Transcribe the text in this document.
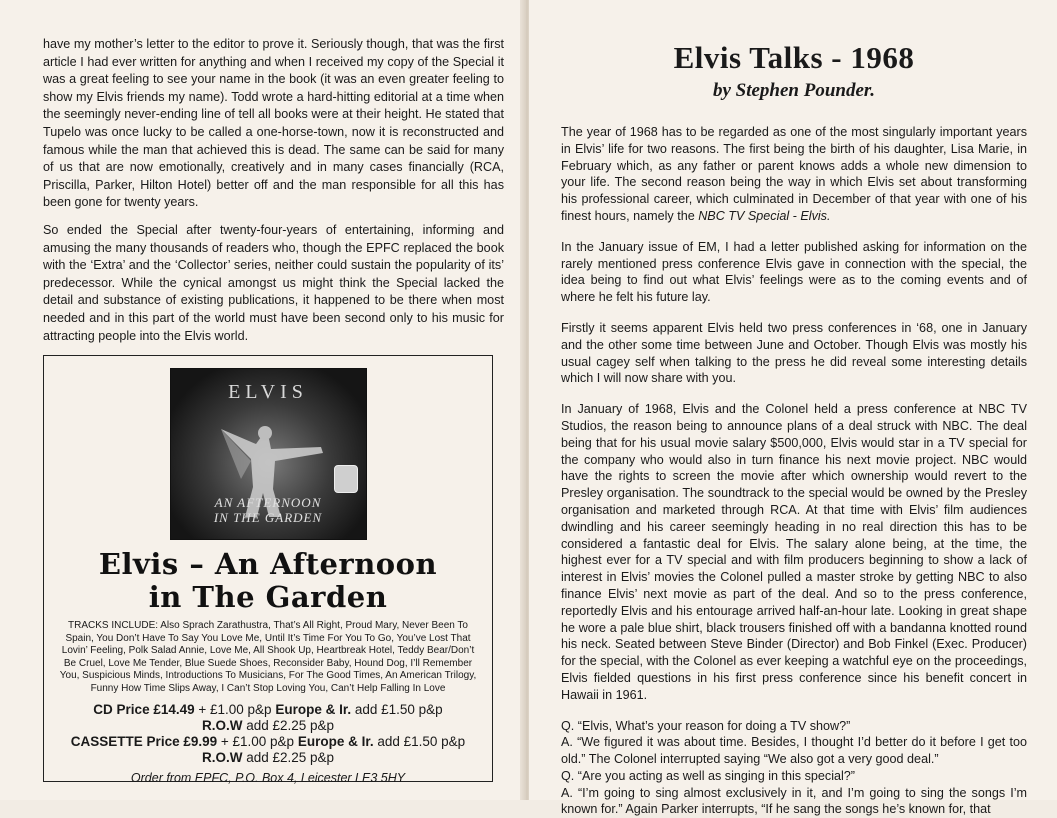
have my mother’s letter to the editor to prove it. Seriously though, that was the first article I had ever written for anything and when I received my copy of the Special it was a great feeling to see your name in the book (it was an even greater feeling to show my Elvis friends my name). Todd wrote a hard-hitting editorial at a time when the seemingly never-ending line of tell all books were at their height. He stated that Tupelo was once lucky to be called a one-horse-town, now it is reconstructed and famous while the man that achieved this is dead. The same can be said for many of us that are now emotionally, creatively and in many cases financially (RCA, Priscilla, Parker, Hilton Hotel) better off and the man responsible for all this has been gone for twenty years.

So ended the Special after twenty-four-years of entertaining, informing and amusing the many thousands of readers who, though the EPFC replaced the book with the ‘Extra’ and the ‘Collector’ series, neither could sustain the popularity of its’ predecessor. While the cynical amongst us might think the Special lacked the detail and substance of existing publications, it happened to be there when most needed and in this part of the world must have been second only to his music for attracting people into the Elvis world.

ELVIS
AN AFTERNOON
IN THE GARDEN
Elvis – An Afternoon
in The Garden
TRACKS INCLUDE: Also Sprach Zarathustra, That’s All Right, Proud Mary, Never Been To Spain, You Don’t Have To Say You Love Me, Until It’s Time For You To Go, You’ve Lost That Lovin’ Feeling, Polk Salad Annie, Love Me, All Shook Up, Heartbreak Hotel, Teddy Bear/Don’t Be Cruel, Love Me Tender, Blue Suede Shoes, Reconsider Baby, Hound Dog, I’ll Remember You, Suspicious Minds, Introductions To Musicians, For The Good Times, An American Trilogy, Funny How Time Slips Away, I Can’t Stop Loving You, Can’t Help Falling In Love
CD Price £14.49 + £1.00 p&p Europe & Ir. add £1.50 p&p
R.O.W add £2.25 p&p
CASSETTE Price £9.99 + £1.00 p&p Europe & Ir. add £1.50 p&p R.O.W add £2.25 p&p
Order from EPFC, P.O. Box 4, Leicester LE3 5HY
Elvis Talks - 1968
by Stephen Pounder.

The year of 1968 has to be regarded as one of the most singularly important years in Elvis’ life for two reasons. The first being the birth of his daughter, Lisa Marie, in February which, as any father or parent knows adds a whole new dimension to your life. The second reason being the way in which Elvis set about transforming his professional career, which culminated in December of that year with one of his finest hours, namely the NBC TV Special - Elvis.

In the January issue of EM, I had a letter published asking for information on the rarely mentioned press conference Elvis gave in connection with the special, the idea being to find out what Elvis’ feelings were as to the coming events and of where he felt his future lay.

Firstly it seems apparent Elvis held two press conferences in ‘68, one in January and the other some time between June and October. Though Elvis was mostly his usual cagey self when talking to the press he did reveal some interesting details which I will now share with you.

In January of 1968, Elvis and the Colonel held a press conference at NBC TV Studios, the reason being to announce plans of a deal struck with NBC. The deal being that for his usual movie salary $500,000, Elvis would star in a TV special for the company who would also in turn finance his next movie project. NBC would have the rights to screen the movie after which ownership would revert to the Presley organisation. The soundtrack to the special would be owned by the Presley organisation and marketed through RCA. At that time with Elvis’ film audiences dwindling and his career seemingly heading in no real direction this has to be considered a fantastic deal for Elvis. The salary alone being, at the time, the highest ever for a TV special and with film producers beginning to show a lack of interest in Elvis’ movies the Colonel pulled a master stroke by getting NBC to also finance Elvis’ next movie as part of the deal. And so to the press conference, reportedly Elvis and his entourage arrived half-an-hour late. Looking in great shape he wore a pale blue shirt, black trousers finished off with a bandanna knotted round his neck. Seated between Steve Binder (Director) and Bob Finkel (Exec. Producer) for the special, with the Colonel as ever keeping a watchful eye on the proceedings, Elvis fielded questions in his first press conference since his benefit concert in Hawaii in 1961.

Q. “Elvis, What’s your reason for doing a TV show?”

A. “We figured it was about time. Besides, I thought I’d better do it before I get too old.” The Colonel interrupted saying “We also got a very good deal.”

Q. “Are you acting as well as singing in this special?”

A. “I’m going to sing almost exclusively in it, and I’m going to sing the songs I’m known for.” Again Parker interrupts, “If he sang the songs he’s known for, that
